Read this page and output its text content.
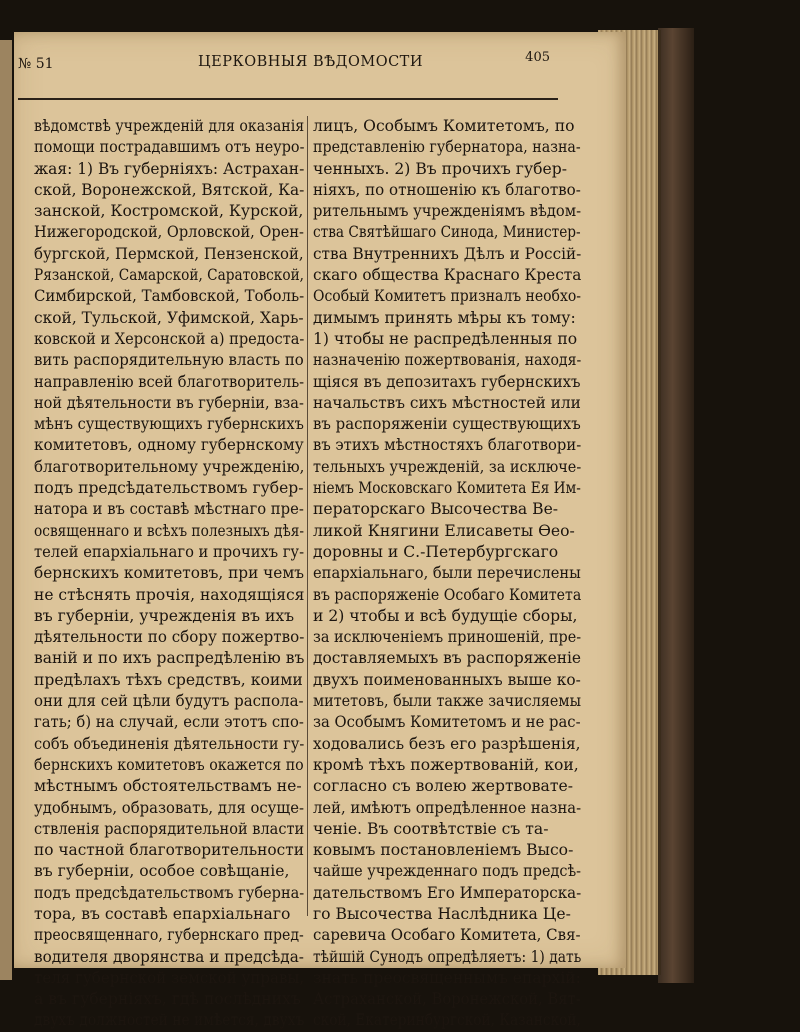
№ 51	ЦЕРКОВНЫЯ ВѢДОМОСТИ	405
вѣдомствѣ учрежденій для оказанія
помощи пострадавшимъ отъ неуро-
жая: 1) Въ губерніяхъ: Астрахан-
ской, Воронежской, Вятской, Ка-
занской, Костромской, Курской,
Нижегородской, Орловской, Орен-
бургской, Пермской, Пензенской,
Рязанской, Самарской, Саратовской,
Симбирской, Тамбовской, Тоболь-
ской, Тульской, Уфимской, Харь-
ковской и Херсонской а) предоста-
вить распорядительную власть по
направленію всей благотворитель-
ной дѣятельности въ губерніи, вза-
мѣнъ существующихъ губернскихъ
комитетовъ, одному губернскому
благотворительному учрежденію,
подъ предсѣдательствомъ губер-
натора и въ составѣ мѣстнаго пре-
освященнаго и всѣхъ полезныхъ дѣя-
телей епархіальнаго и прочихъ гу-
бернскихъ комитетовъ, при чемъ
не стѣснять прочія, находящіяся
въ губерніи, учрежденія въ ихъ
дѣятельности по сбору пожертво-
ваній и по ихъ распредѣленію въ
предѣлахъ тѣхъ средствъ, коими
они для сей цѣли будутъ распола-
гать; б) на случай, если этотъ спо-
собъ объединенія дѣятельности гу-
бернскихъ комитетовъ окажется по
мѣстнымъ обстоятельствамъ не-
удобнымъ, образовать, для осуще-
ствленія распорядительной власти
по частной благотворительности
въ губерніи, особое совѣщаніе,
подъ предсѣдательствомъ губерна-
тора, въ составѣ епархіальнаго
преосвященнаго, губернскаго пред-
водителя дворянства и предсѣда-
теля губернской земской управы,
а въ губерніяхъ, гдѣ послѣднихъ
двухъ должностей не имѣется, двухъ
лицъ, Особымъ Комитетомъ, по
представленію губернатора, назна-
ченныхъ. 2) Въ прочихъ губер-
ніяхъ, по отношенію къ благотво-
рительнымъ учрежденіямъ вѣдом-
ства Святѣйшаго Синода, Министер-
ства Внутреннихъ Дѣлъ и Россій-
скаго общества Краснаго Креста
Особый Комитетъ призналъ необхо-
димымъ принять мѣры къ тому:
1) чтобы не распредѣленныя по
назначенію пожертвованія, находя-
щіяся въ депозитахъ губернскихъ
начальствъ сихъ мѣстностей или
въ распоряженіи существующихъ
въ этихъ мѣстностяхъ благотвори-
тельныхъ учрежденій, за исключе-
ніемъ Московскаго Комитета Ея Им-
ператорскаго Высочества Ве-
ликой Княгини Елисаветы Ѳео-
доровны и С.-Петербургскаго
епархіальнаго, были перечислены
въ распоряженіе Особаго Комитета
и 2) чтобы и всѣ будущіе сборы,
за исключеніемъ приношеній, пре-
доставляемыхъ въ распоряженіе
двухъ поименованныхъ выше ко-
митетовъ, были также зачисляемы
за Особымъ Комитетомъ и не рас-
ходовались безъ его разрѣшенія,
кромѣ тѣхъ пожертвованій, кои,
согласно съ волею жертвовате-
лей, имѣютъ опредѣленное назна-
ченіе. Въ соотвѣтствіе съ та-
ковымъ постановленіемъ Высо-
чайше учрежденнаго подъ предсѣ-
дательствомъ Его Императорска-
го Высочества Наслѣдника Це-
саревича Особаго Комитета, Свя-
тѣйшій Сунодъ опредѣляетъ: 1) дать
знать преосвященнымъ епархій:
Астраханской, Воронежской, Вят-
ской, Екатеринбургской, Казанской,
